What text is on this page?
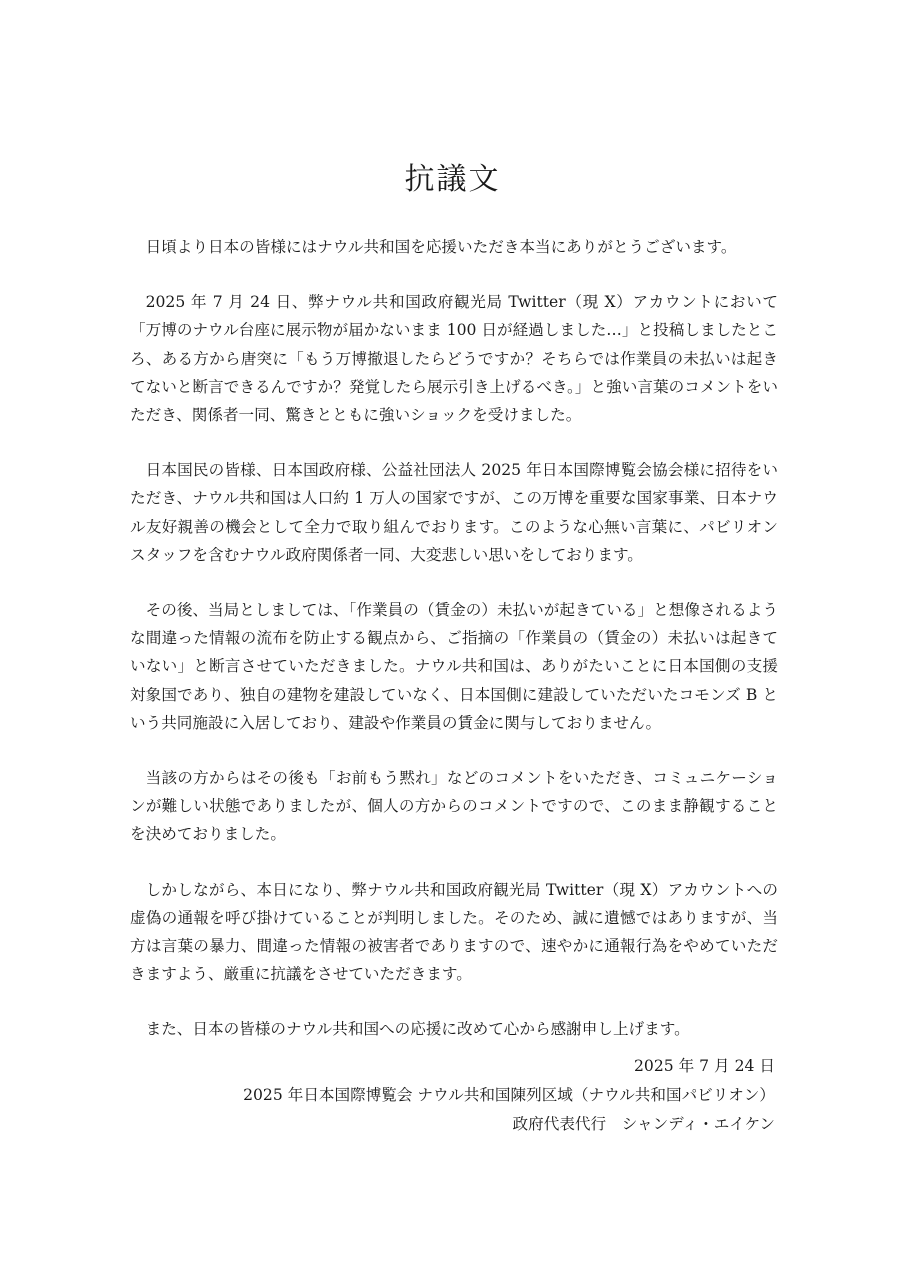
抗議文

日頃より日本の皆様にはナウル共和国を応援いただき本当にありがとうございます。

2025 年 7 月 24 日、弊ナウル共和国政府観光局 Twitter（現 X）アカウントにおいて「万博のナウル台座に展示物が届かないまま 100 日が経過しました…」と投稿しましたところ、ある方から唐突に「もう万博撤退したらどうですか？そちらでは作業員の未払いは起きてないと断言できるんですか？発覚したら展示引き上げるべき。」と強い言葉のコメントをいただき、関係者一同、驚きとともに強いショックを受けました。

日本国民の皆様、日本国政府様、公益社団法人 2025 年日本国際博覧会協会様に招待をいただき、ナウル共和国は人口約 1 万人の国家ですが、この万博を重要な国家事業、日本ナウル友好親善の機会として全力で取り組んでおります。このような心無い言葉に、パビリオンスタッフを含むナウル政府関係者一同、大変悲しい思いをしております。

その後、当局としましては、「作業員の（賃金の）未払いが起きている」と想像されるような間違った情報の流布を防止する観点から、ご指摘の「作業員の（賃金の）未払いは起きていない」と断言させていただきました。ナウル共和国は、ありがたいことに日本国側の支援対象国であり、独自の建物を建設していなく、日本国側に建設していただいたコモンズ B という共同施設に入居しており、建設や作業員の賃金に関与しておりません。

当該の方からはその後も「お前もう黙れ」などのコメントをいただき、コミュニケーションが難しい状態でありましたが、個人の方からのコメントですので、このまま静観することを決めておりました。

しかしながら、本日になり、弊ナウル共和国政府観光局 Twitter（現 X）アカウントへの虚偽の通報を呼び掛けていることが判明しました。そのため、誠に遺憾ではありますが、当方は言葉の暴力、間違った情報の被害者でありますので、速やかに通報行為をやめていただきますよう、厳重に抗議をさせていただきます。

また、日本の皆様のナウル共和国への応援に改めて心から感謝申し上げます。

2025 年 7 月 24 日
2025 年日本国際博覧会 ナウル共和国陳列区域（ナウル共和国パビリオン）
政府代表代行　シャンディ・エイケン
